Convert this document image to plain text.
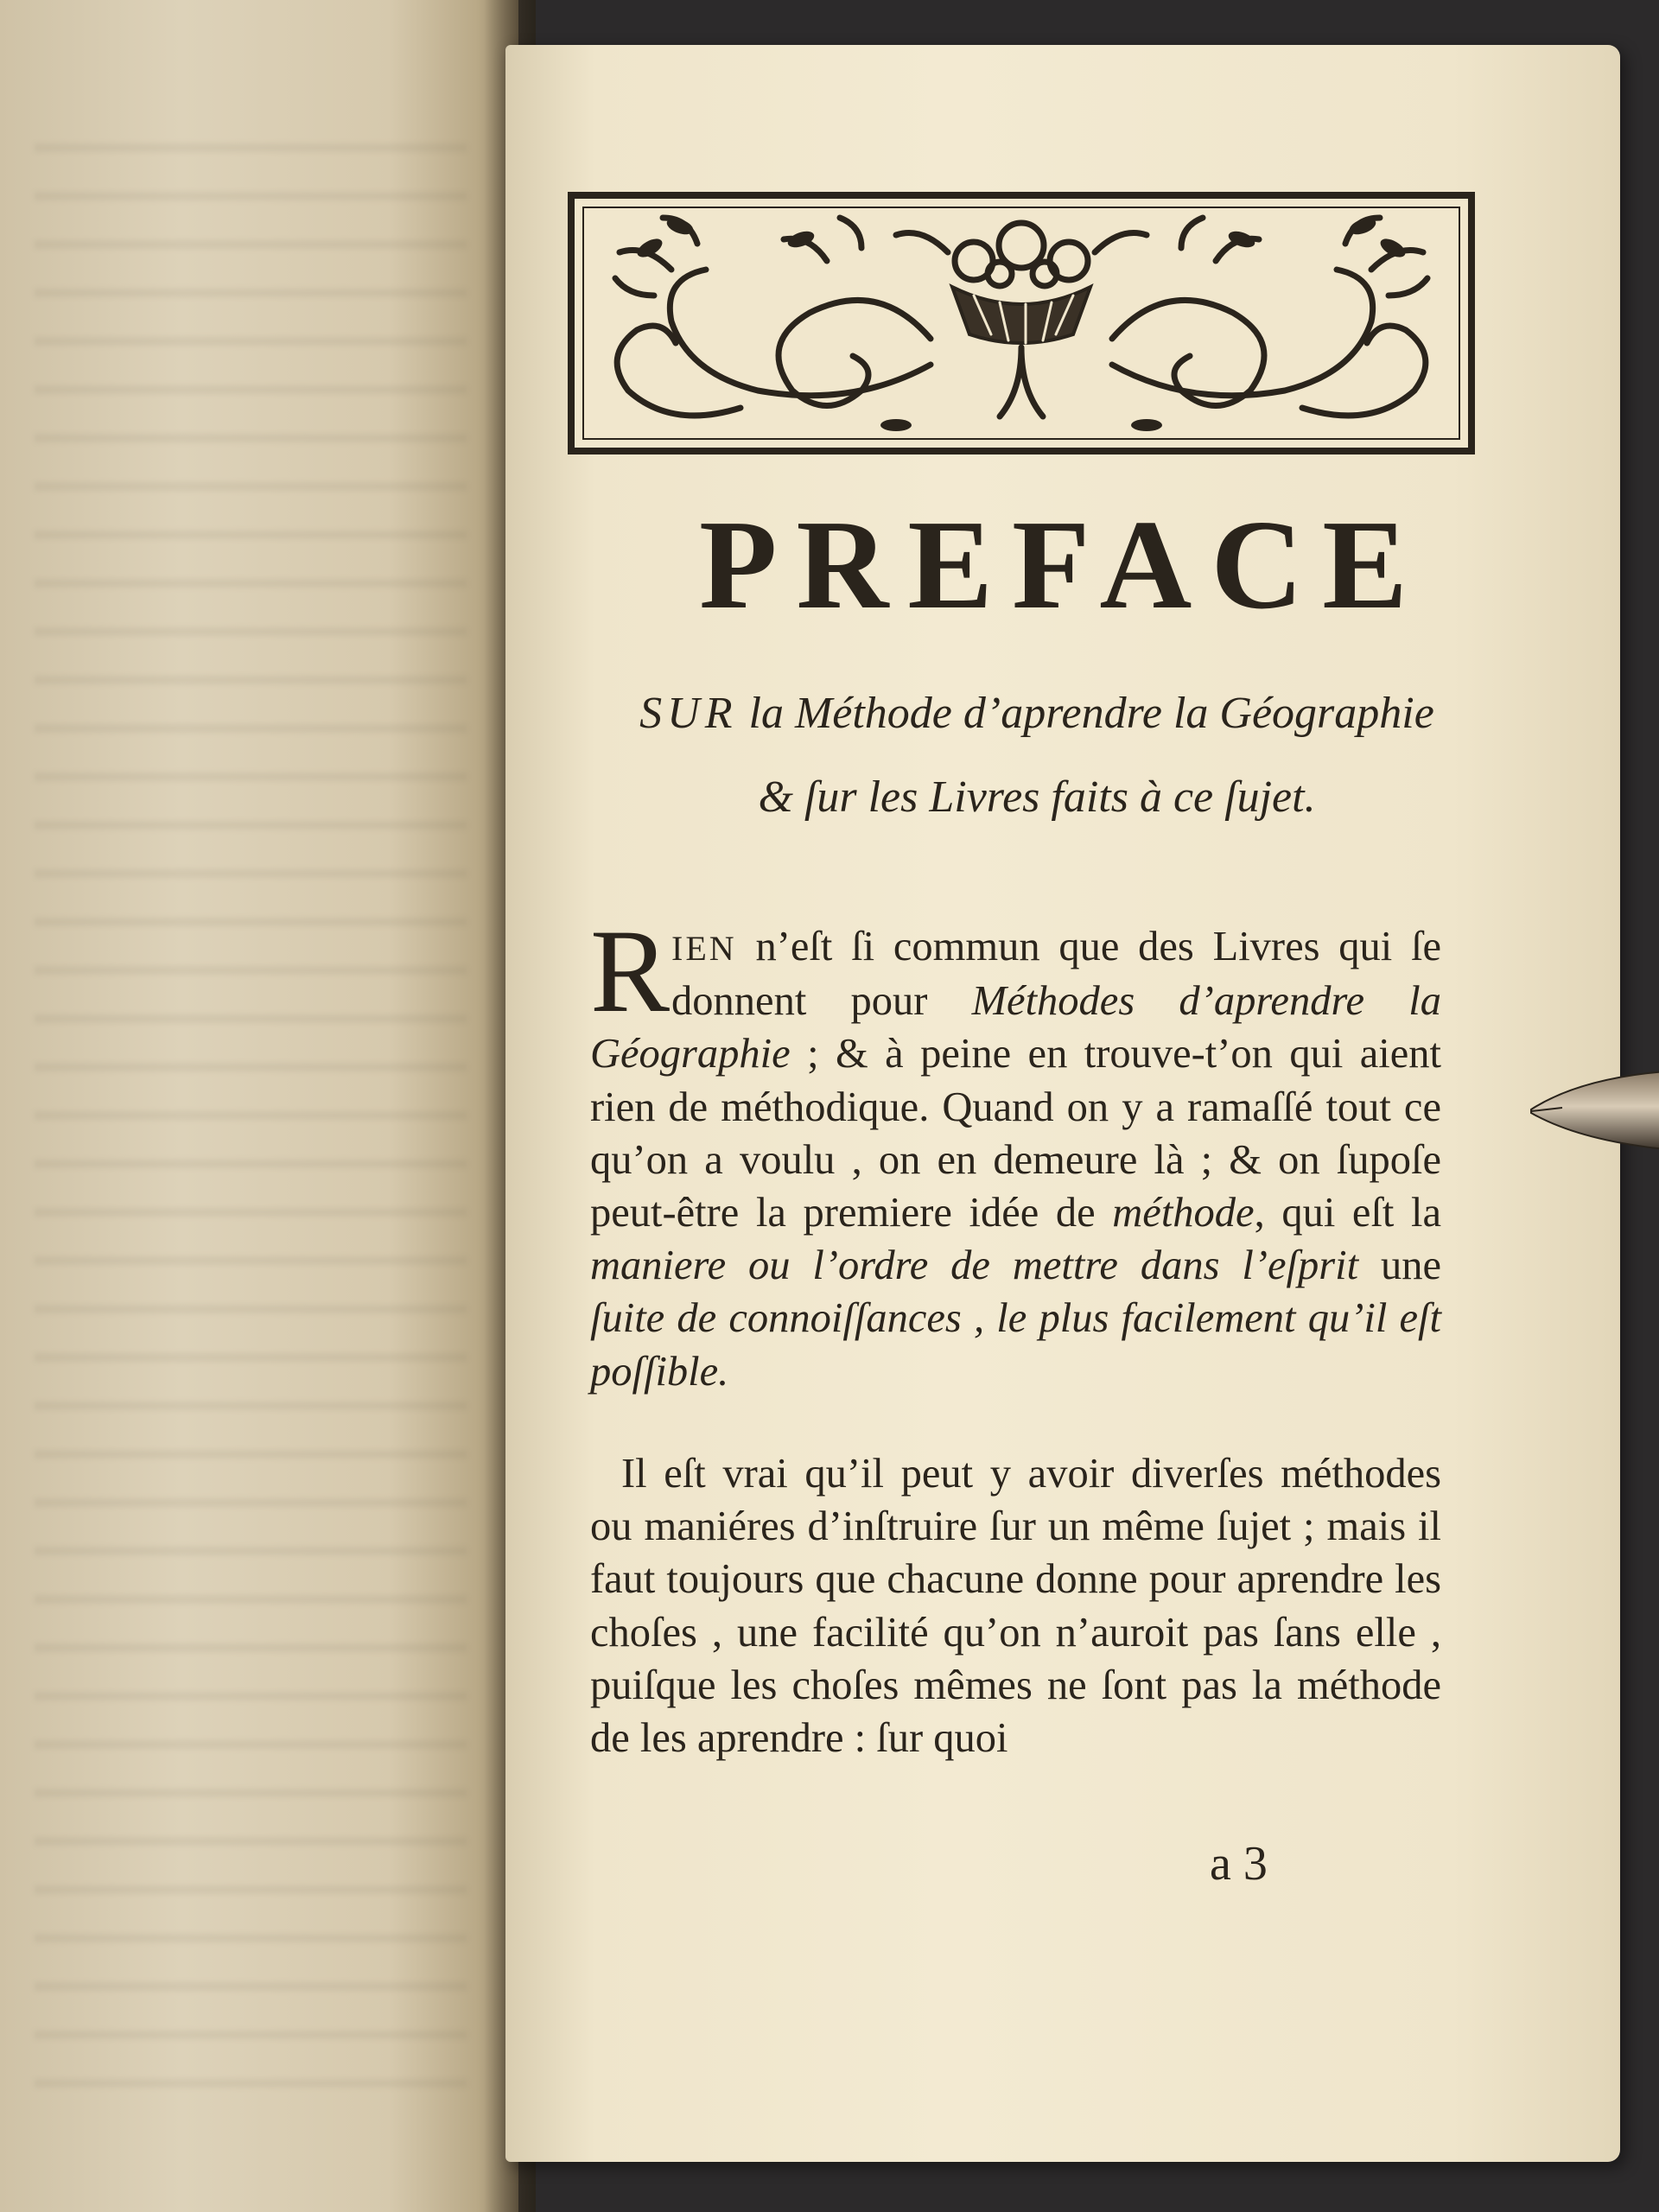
PREFACE
SUR la Méthode d’aprendre la Géographie
& ſur les Livres faits à ce ſujet.
RIEN n’eſt ſi commun que des Livres qui ſe donnent pour Méthodes d’aprendre la Géographie ; & à peine en trouve-t’on qui aient rien de méthodique. Quand on y a ramaſſé tout ce qu’on a voulu , on en demeure là ; & on ſupoſe peut-être la premiere idée de méthode, qui eſt la maniere ou l’ordre de mettre dans l’eſprit une ſuite de connoiſſances , le plus facilement qu’il eſt poſſible.
Il eſt vrai qu’il peut y avoir diverſes méthodes ou maniéres d’inſtruire ſur un même ſujet ; mais il faut toujours que chacune donne pour aprendre les choſes , une facilité qu’on n’auroit pas ſans elle , puiſque les choſes mêmes ne ſont pas la méthode de les aprendre : ſur quoi
a 3
